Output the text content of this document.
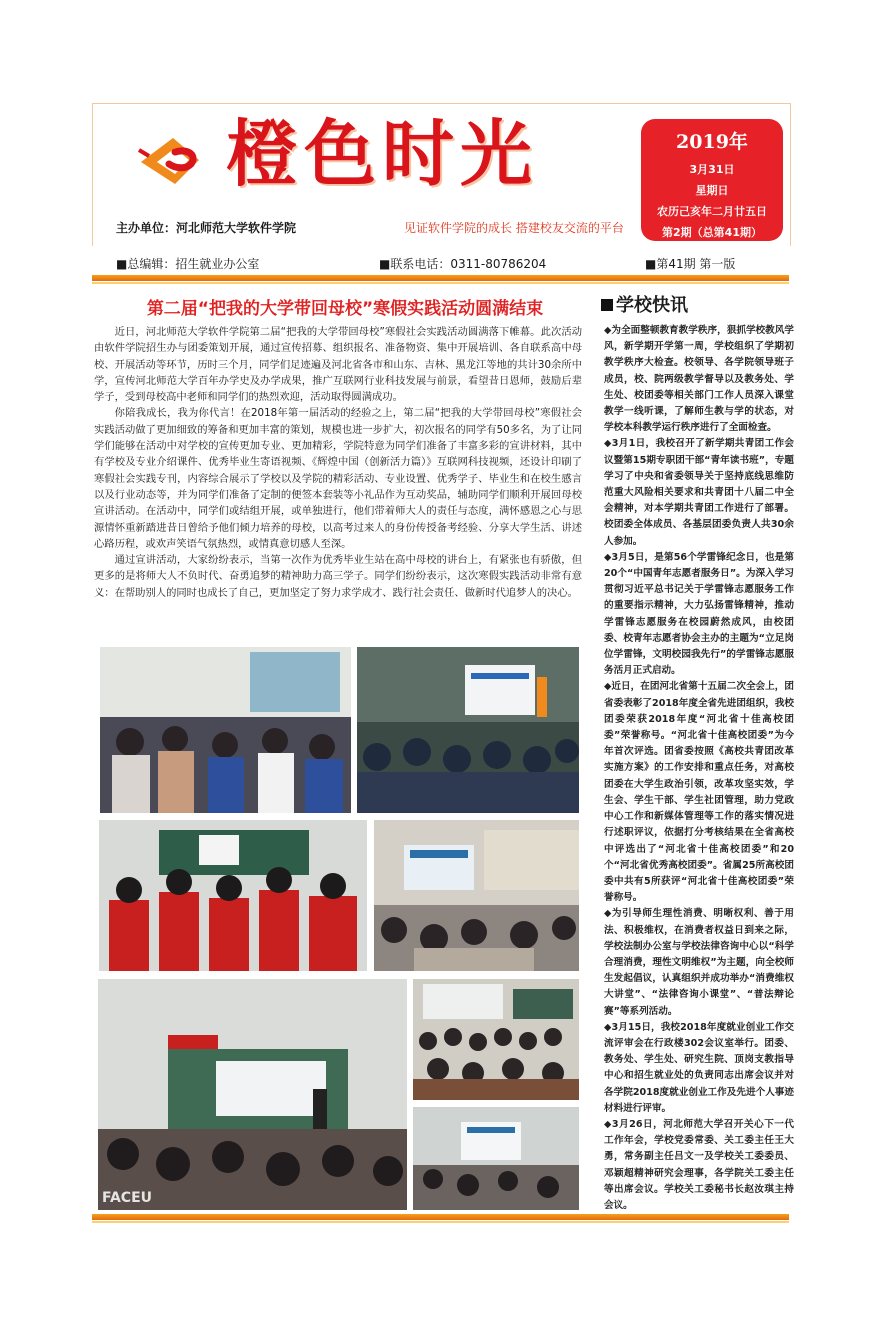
橙色时光
主办单位：河北师范大学软件学院	见证软件学院的成长 搭建校友交流的平台
2019年
3月31日
星期日
农历己亥年二月廿五日
第2期（总第41期）
■总编辑：招生就业办公室	■联系电话：0311-80786204	■第41期 第一版
第二届“把我的大学带回母校”寒假实践活动圆满结束

近日，河北师范大学软件学院第二届“把我的大学带回母校”寒假社会实践活动圆满落下帷幕。此次活动由软件学院招生办与团委策划开展，通过宣传招募、组织报名、准备物资、集中开展培训、各自联系高中母校、开展活动等环节，历时三个月，同学们足迹遍及河北省各市和山东、吉林、黑龙江等地的共计30余所中学，宣传河北师范大学百年办学史及办学成果，推广互联网行业科技发展与前景，看望昔日恩师，鼓励后辈学子，受到母校高中老师和同学们的热烈欢迎，活动取得圆满成功。

你陪我成长，我为你代言！在2018年第一届活动的经验之上，第二届“把我的大学带回母校”寒假社会实践活动做了更加细致的筹备和更加丰富的策划，规模也进一步扩大，初次报名的同学有50多名，为了让同学们能够在活动中对学校的宣传更加专业、更加精彩，学院特意为同学们准备了丰富多彩的宣讲材料，其中有学校及专业介绍课件、优秀毕业生寄语视频、《辉煌中国（创新活力篇）》互联网科技视频，还设计印刷了寒假社会实践专刊，内容综合展示了学校以及学院的精彩活动、专业设置、优秀学子、毕业生和在校生感言以及行业动态等，并为同学们准备了定制的便签本套装等小礼品作为互动奖品，辅助同学们顺利开展回母校宣讲活动。在活动中，同学们或结组开展，或单独进行，他们带着师大人的责任与态度，满怀感恩之心与思源情怀重新踏进昔日曾给予他们倾力培养的母校，以高考过来人的身份传授备考经验、分享大学生活、讲述心路历程，或欢声笑语气氛热烈，或情真意切感人至深。

通过宣讲活动，大家纷纷表示，当第一次作为优秀毕业生站在高中母校的讲台上，有紧张也有骄傲，但更多的是将师大人不负时代、奋勇追梦的精神助力高三学子。同学们纷纷表示，这次寒假实践活动非常有意义：在帮助别人的同时也成长了自己，更加坚定了努力求学成才、践行社会责任、做新时代追梦人的决心。

FACEU
学校快讯

◆为全面整顿教育教学秩序，狠抓学校教风学风，新学期开学第一周，学校组织了学期初教学秩序大检查。校领导、各学院领导班子成员，校、院两级教学督导以及教务处、学生处、校团委等相关部门工作人员深入课堂教学一线听课，了解师生教与学的状态，对学校本科教学运行秩序进行了全面检查。

◆3月1日，我校召开了新学期共青团工作会议暨第15期专职团干部“青年读书班”，专题学习了中央和省委领导关于坚持底线思维防范重大风险相关要求和共青团十八届二中全会精神，对本学期共青团工作进行了部署。校团委全体成员、各基层团委负责人共30余人参加。

◆3月5日，是第56个学雷锋纪念日，也是第20个“中国青年志愿者服务日”。为深入学习贯彻习近平总书记关于学雷锋志愿服务工作的重要指示精神，大力弘扬雷锋精神，推动学雷锋志愿服务在校园蔚然成风，由校团委、校青年志愿者协会主办的主题为“立足岗位学雷锋，文明校园我先行”的学雷锋志愿服务活月正式启动。

◆近日，在团河北省第十五届二次全会上，团省委表彰了2018年度全省先进团组织，我校团委荣获2018年度“河北省十佳高校团委”荣誉称号。“河北省十佳高校团委”为今年首次评选。团省委按照《高校共青团改革实施方案》的工作安排和重点任务，对高校团委在大学生政治引领，改革攻坚实效，学生会、学生干部、学生社团管理，助力党政中心工作和新媒体管理等工作的落实情况进行述职评议，依据打分考核结果在全省高校中评选出了“河北省十佳高校团委”和20个“河北省优秀高校团委”。省属25所高校团委中共有5所获评“河北省十佳高校团委”荣誉称号。

◆为引导师生理性消费、明晰权利、善于用法、积极维权，在消费者权益日到来之际，学校法制办公室与学校法律咨询中心以“科学合理消费，理性文明维权”为主题，向全校师生发起倡议，认真组织并成功举办“消费维权大讲堂”、“法律咨询小课堂”、“普法辩论赛”等系列活动。

◆3月15日，我校2018年度就业创业工作交流评审会在行政楼302会议室举行。团委、教务处、学生处、研究生院、顶岗支教指导中心和招生就业处的负责同志出席会议并对各学院2018度就业创业工作及先进个人事迹材料进行评审。

◆3月26日，河北师范大学召开关心下一代工作年会，学校党委常委、关工委主任王大勇，常务副主任吕文一及学校关工委委员、邓颖超精神研究会理事，各学院关工委主任等出席会议。学校关工委秘书长赵汝琪主持会议。
